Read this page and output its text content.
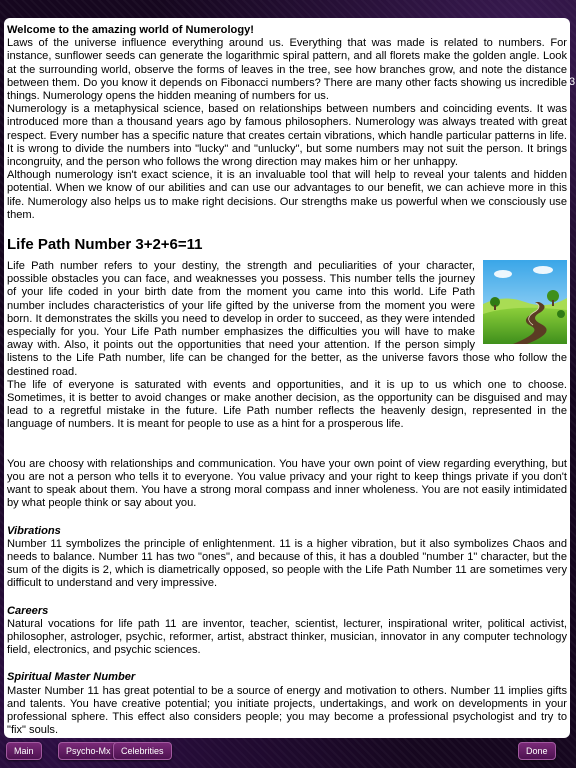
Welcome to the amazing world of Numerology!

Laws of the universe influence everything around us. Everything that was made is related to numbers. For instance, sunflower seeds can generate the logarithmic spiral pattern, and all florets make the golden angle. Look at the surrounding world, observe the forms of leaves in the tree, see how branches grow, and note the distance between them. Do you know it depends on Fibonacci numbers? There are many other facts showing us incredible things. Numerology opens the hidden meaning of numbers for us.

Numerology is a metaphysical science, based on relationships between numbers and coinciding events. It was introduced more than a thousand years ago by famous philosophers. Numerology was always treated with great respect. Every number has a specific nature that creates certain vibrations, which handle particular patterns in life. It is wrong to divide the numbers into "lucky" and "unlucky", but some numbers may not suit the person. It brings incongruity, and the person who follows the wrong direction may makes him or her unhappy.

Although numerology isn't exact science, it is an invaluable tool that will help to reveal your talents and hidden potential. When we know of our abilities and can use our advantages to our benefit, we can achieve more in this life. Numerology also helps us to make right decisions. Our strengths make us powerful when we consciously use them.

Life Path Number 3+2+6=11

Life Path number refers to your destiny, the strength and peculiarities of your character, possible obstacles you can face, and weaknesses you possess. This number tells the journey of your life coded in your birth date from the moment you came into this world. Life Path number includes characteristics of your life gifted by the universe from the moment you were born. It demonstrates the skills you need to develop in order to succeed, as they were intended especially for you. Your Life Path number emphasizes the difficulties you will have to make away with. Also, it points out the opportunities that need your attention. If the person simply listens to the Life Path number, life can be changed for the better, as the universe favors those who follow the destined road.

The life of everyone is saturated with events and opportunities, and it is up to us which one to choose. Sometimes, it is better to avoid changes or make another decision, as the opportunity can be disguised and may lead to a regretful mistake in the future. Life Path number reflects the heavenly design, represented in the language of numbers. It is meant for people to use as a hint for a prosperous life.

You are choosy with relationships and communication. You have your own point of view regarding everything, but you are not a person who tells it to everyone. You value privacy and your right to keep things private if you don't want to speak about them. You have a strong moral compass and inner wholeness. You are not easily intimidated by what people think or say about you.

Vibrations

Number 11 symbolizes the principle of enlightenment. 11 is a higher vibration, but it also symbolizes Chaos and needs to balance. Number 11 has two "ones", and because of this, it has a doubled "number 1" character, but the sum of the digits is 2, which is diametrically opposed, so people with the Life Path Number 11 are sometimes very difficult to understand and very impressive.

Careers

Natural vocations for life path 11 are inventor, teacher, scientist, lecturer, inspirational writer, political activist, philosopher, astrologer, psychic, reformer, artist, abstract thinker, musician, innovator in any computer technology field, electronics, and psychic sciences.

Spiritual Master Number

Master Number 11 has great potential to be a source of energy and motivation to others. Number 11 implies gifts and talents. You have creative potential; you initiate projects, undertakings, and work on developments in your professional sphere. This effect also considers people; you may become a professional psychologist and try to "fix" souls.

3
Main	Psycho-Mx	Celebrities	Done
